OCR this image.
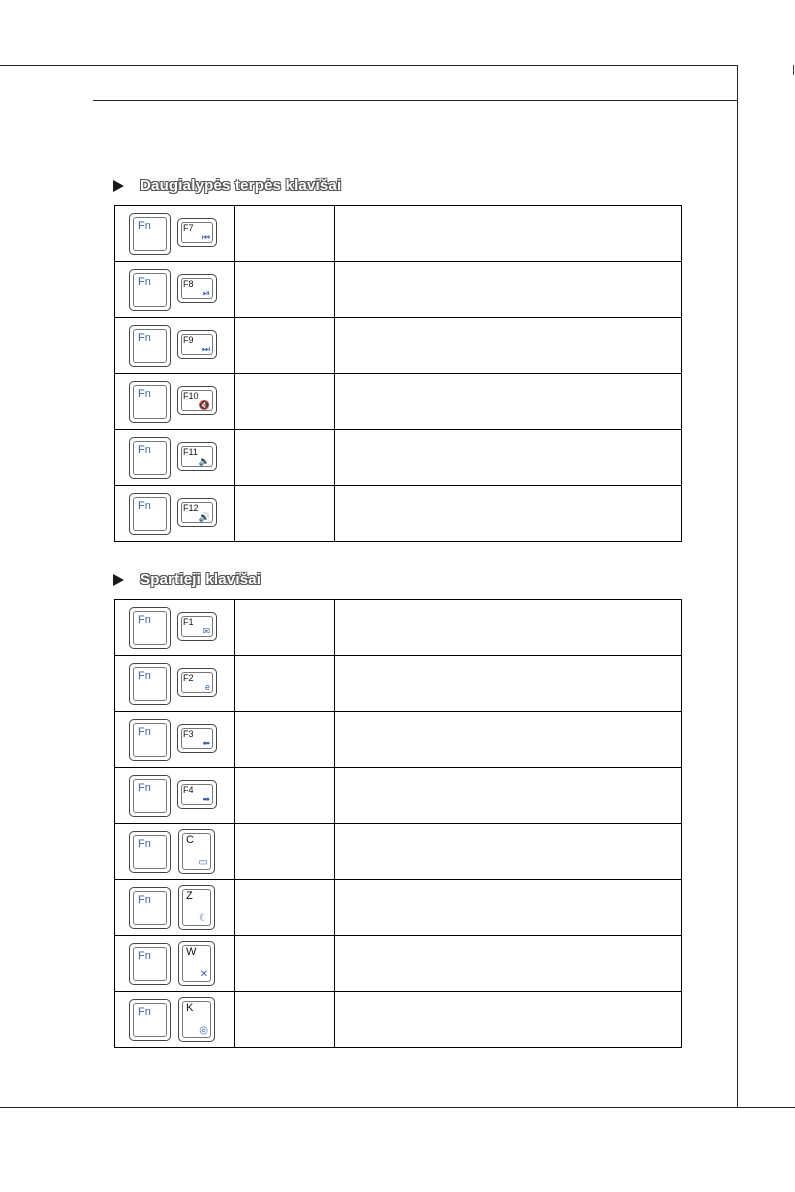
Daugialypės terpės klavišai
Fn F7
⏮		

Fn F8
⏯		

Fn F9
⏭		

Fn F10
🔇		

Fn F11
🔈		

Fn F12
🔊		

Spartieji klavišai
Fn F1
✉		

Fn F2
e		

Fn F3
⬅		

Fn F4
➡		

Fn C
▭		

Fn Z
☾		

Fn W
✕		

Fn K
◎		
